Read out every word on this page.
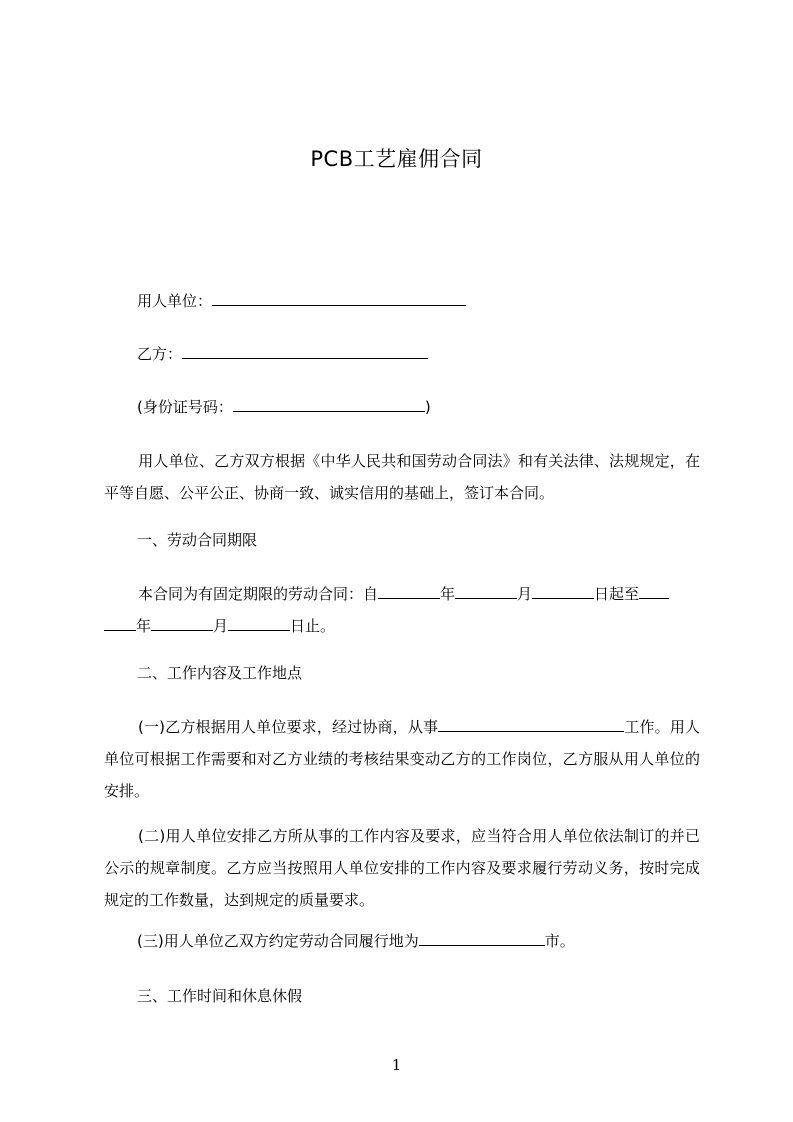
PCB工艺雇佣合同
用人单位：
乙方：
(身份证号码：	)
用人单位、乙方双方根据《中华人民共和国劳动合同法》和有关法律、法规规定，在平等自愿、公平公正、协商一致、诚实信用的基础上，签订本合同。
一、劳动合同期限
本合同为有固定期限的劳动合同：自	年	月	日起至
年	月	日止。
二、工作内容及工作地点
(一)乙方根据用人单位要求，经过协商，从事	工作。用人单位可根据工作需要和对乙方业绩的考核结果变动乙方的工作岗位，乙方服从用人单位的安排。
(二)用人单位安排乙方所从事的工作内容及要求，应当符合用人单位依法制订的并已公示的规章制度。乙方应当按照用人单位安排的工作内容及要求履行劳动义务，按时完成规定的工作数量，达到规定的质量要求。
(三)用人单位乙双方约定劳动合同履行地为	市。
三、工作时间和休息休假
1
